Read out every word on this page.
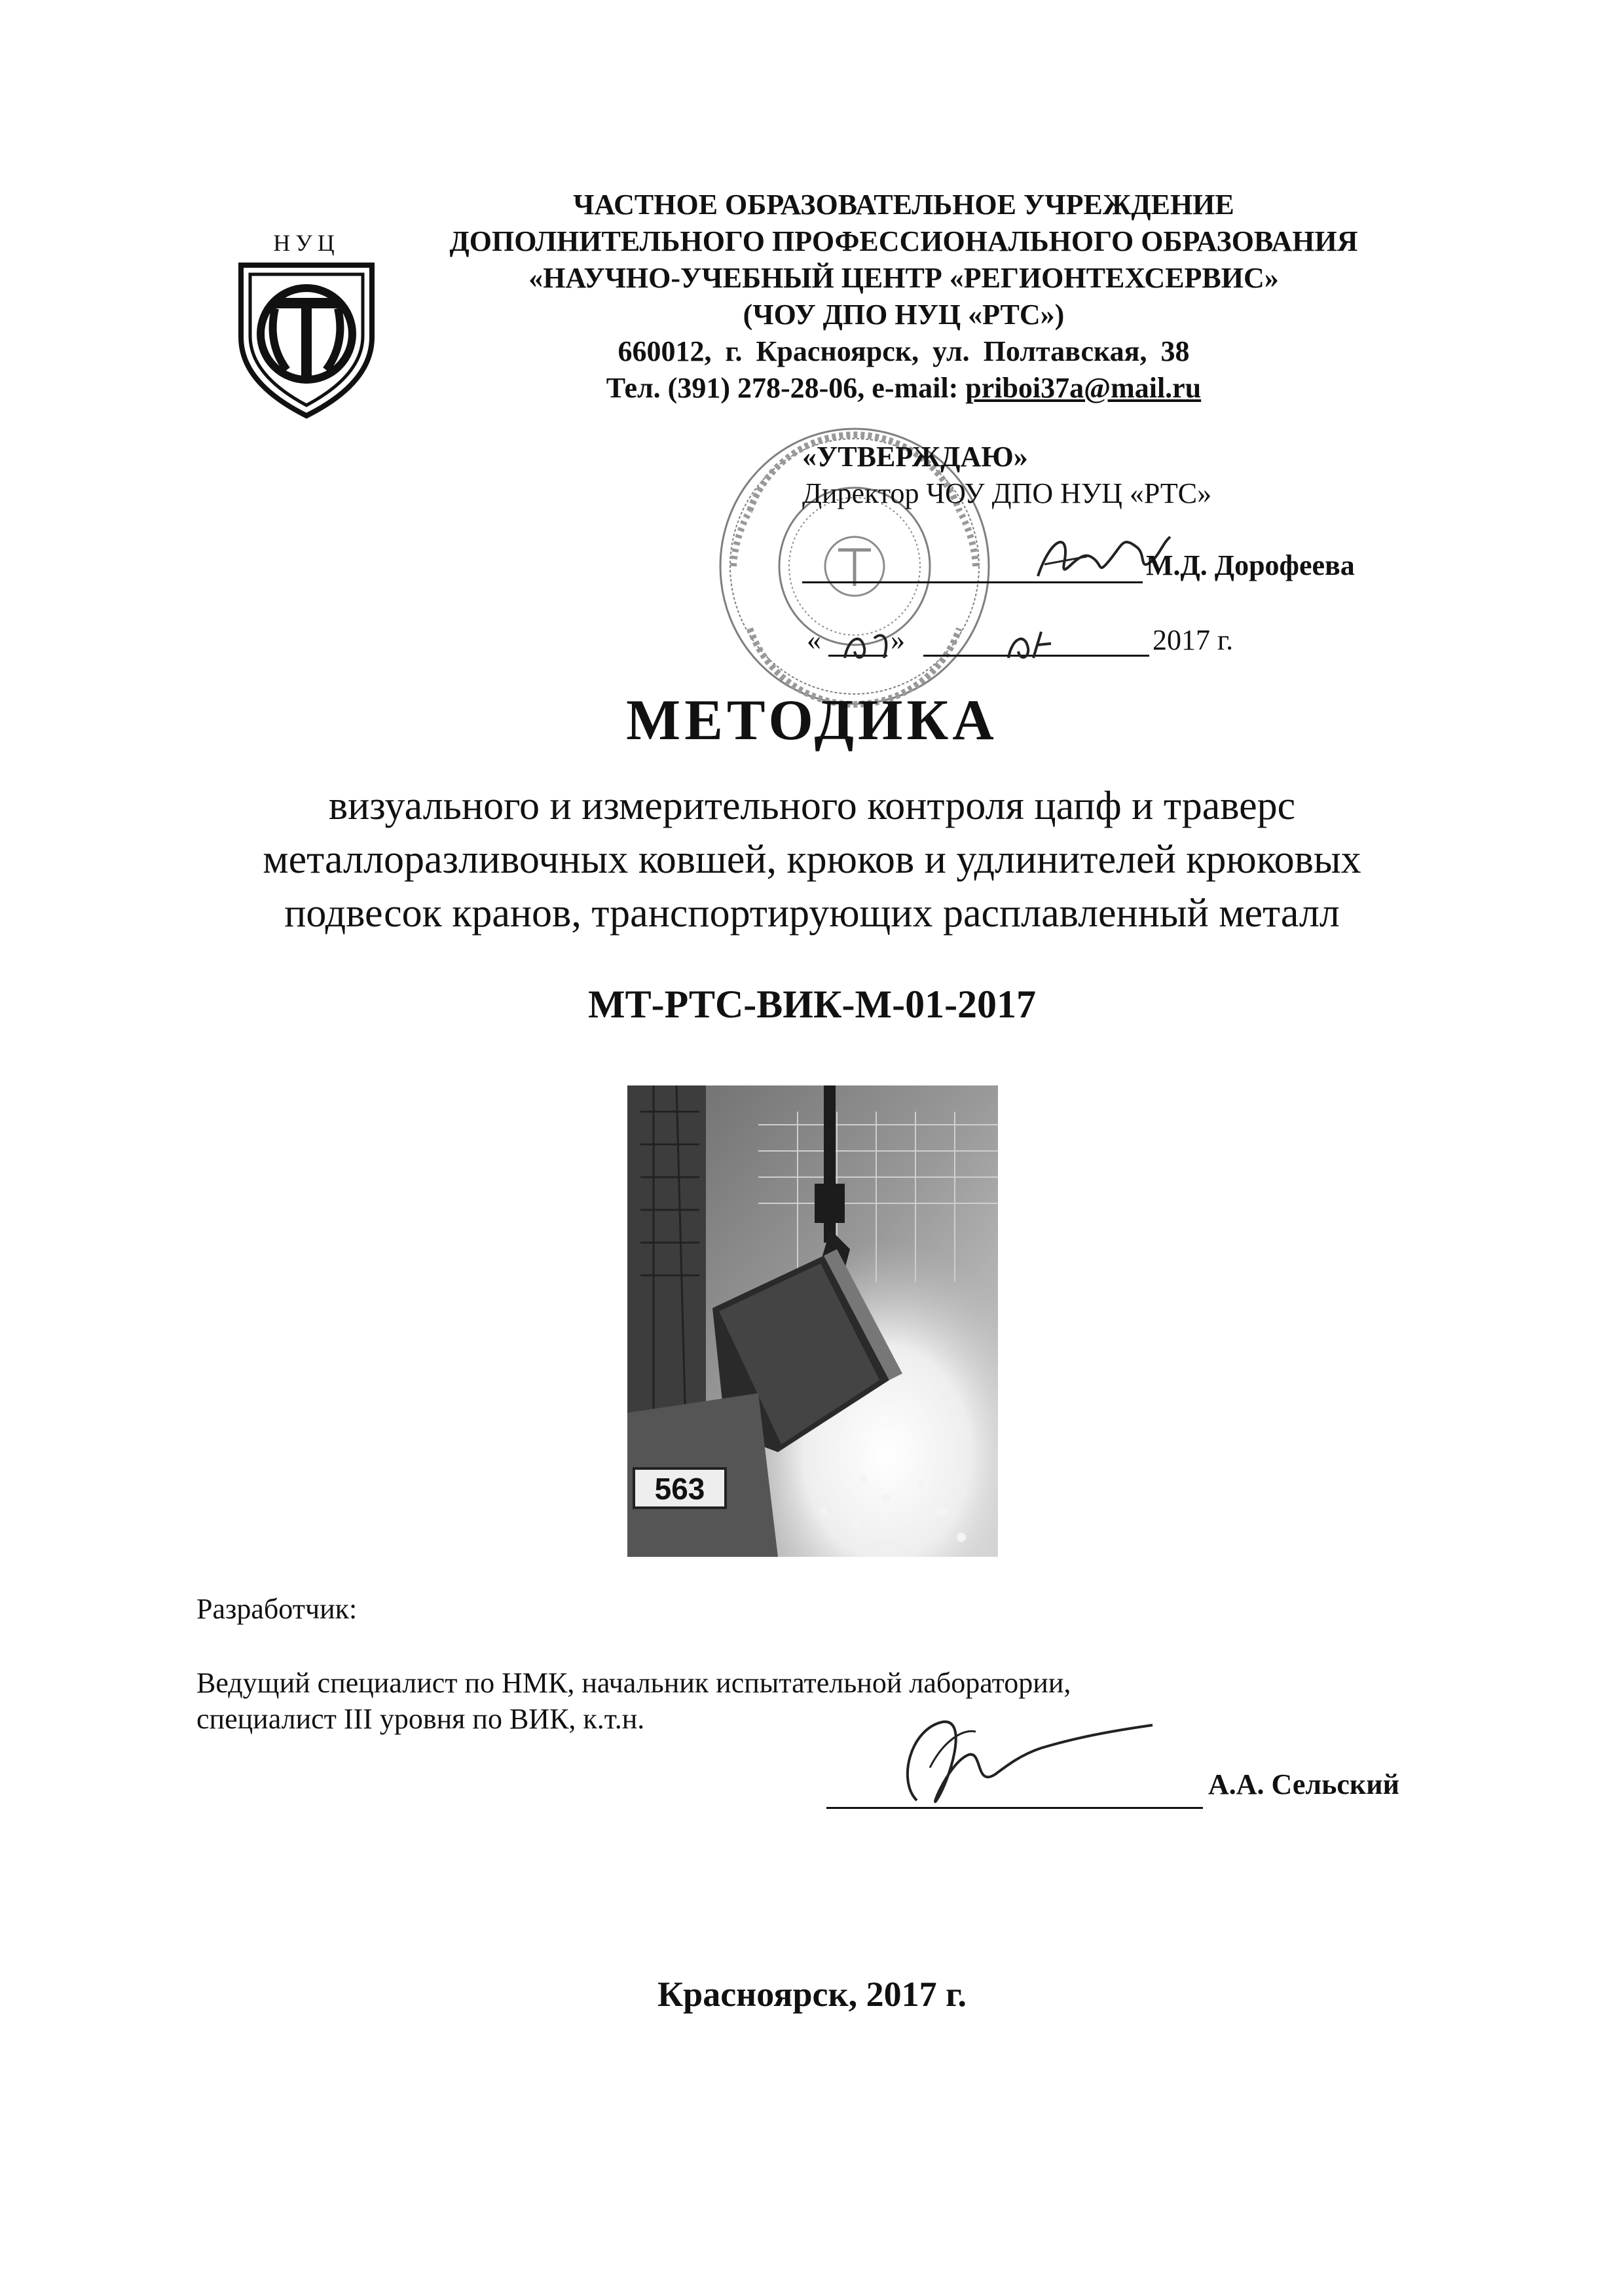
НУЦ
ЧАСТНОЕ ОБРАЗОВАТЕЛЬНОЕ УЧРЕЖДЕНИЕ
ДОПОЛНИТЕЛЬНОГО ПРОФЕССИОНАЛЬНОГО ОБРАЗОВАНИЯ
«НАУЧНО-УЧЕБНЫЙ ЦЕНТР «РЕГИОНТЕХСЕРВИС»
(ЧОУ ДПО НУЦ «РТС»)
660012, г. Красноярск, ул. Полтавская, 38
Тел. (391) 278-28-06, e-mail: priboi37a@mail.ru
«УТВЕРЖДАЮ»
Директор ЧОУ ДПО НУЦ «РТС»
М.Д. Дорофеева
« »	2017 г.
МЕТОДИКА
визуального и измерительного контроля цапф и траверс
металлоразливочных ковшей, крюков и удлинителей крюковых
подвесок кранов, транспортирующих расплавленный металл
МТ-РТС-ВИК-М-01-2017
563
Разработчик:
Ведущий специалист по НМК, начальник испытательной лаборатории,
специалист III уровня по ВИК, к.т.н.
А.А. Сельский
Красноярск, 2017 г.
